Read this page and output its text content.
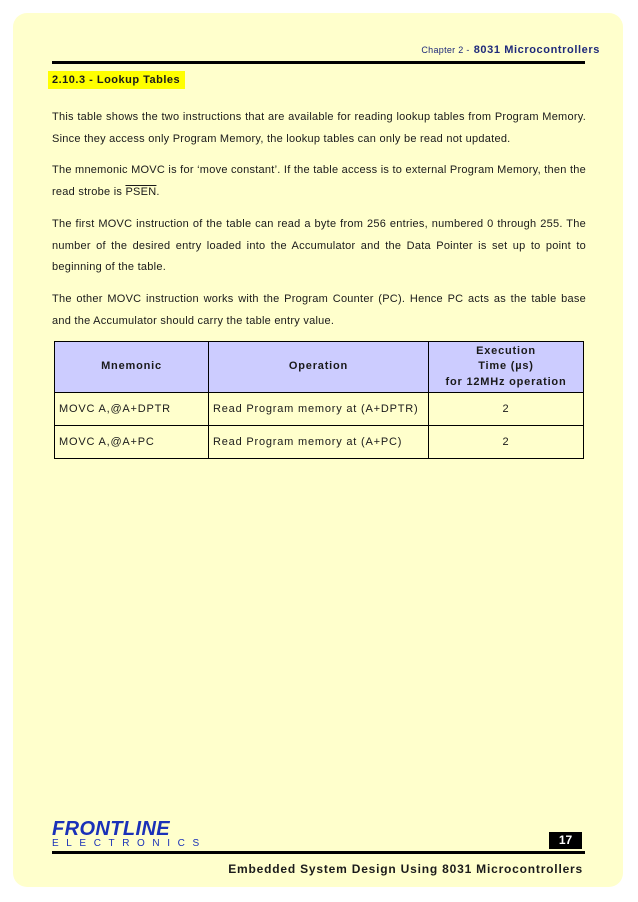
Chapter 2 - 8031 Microcontrollers
2.10.3 - Lookup Tables
This table shows the two instructions that are available for reading lookup tables from Program Memory. Since they access only Program Memory, the lookup tables can only be read not updated.
The mnemonic MOVC is for ‘move constant’. If the table access is to external Program Memory, then the read strobe is PSEN.
The first MOVC instruction of the table can read a byte from 256 entries, numbered 0 through 255. The number of the desired entry loaded into the Accumulator and the Data Pointer is set up to point to beginning of the table.
The other MOVC instruction works with the Program Counter (PC). Hence PC acts as the table base and the Accumulator should carry the table entry value.
Mnemonic	Operation	Execution
Time (µs)
for 12MHz operation
MOVC A,@A+DPTR	Read Program memory at (A+DPTR)	2
MOVC A,@A+PC	Read Program memory at (A+PC)	2
FRONTLINE
ELECTRONICS	17
Embedded System Design Using 8031 Microcontrollers
